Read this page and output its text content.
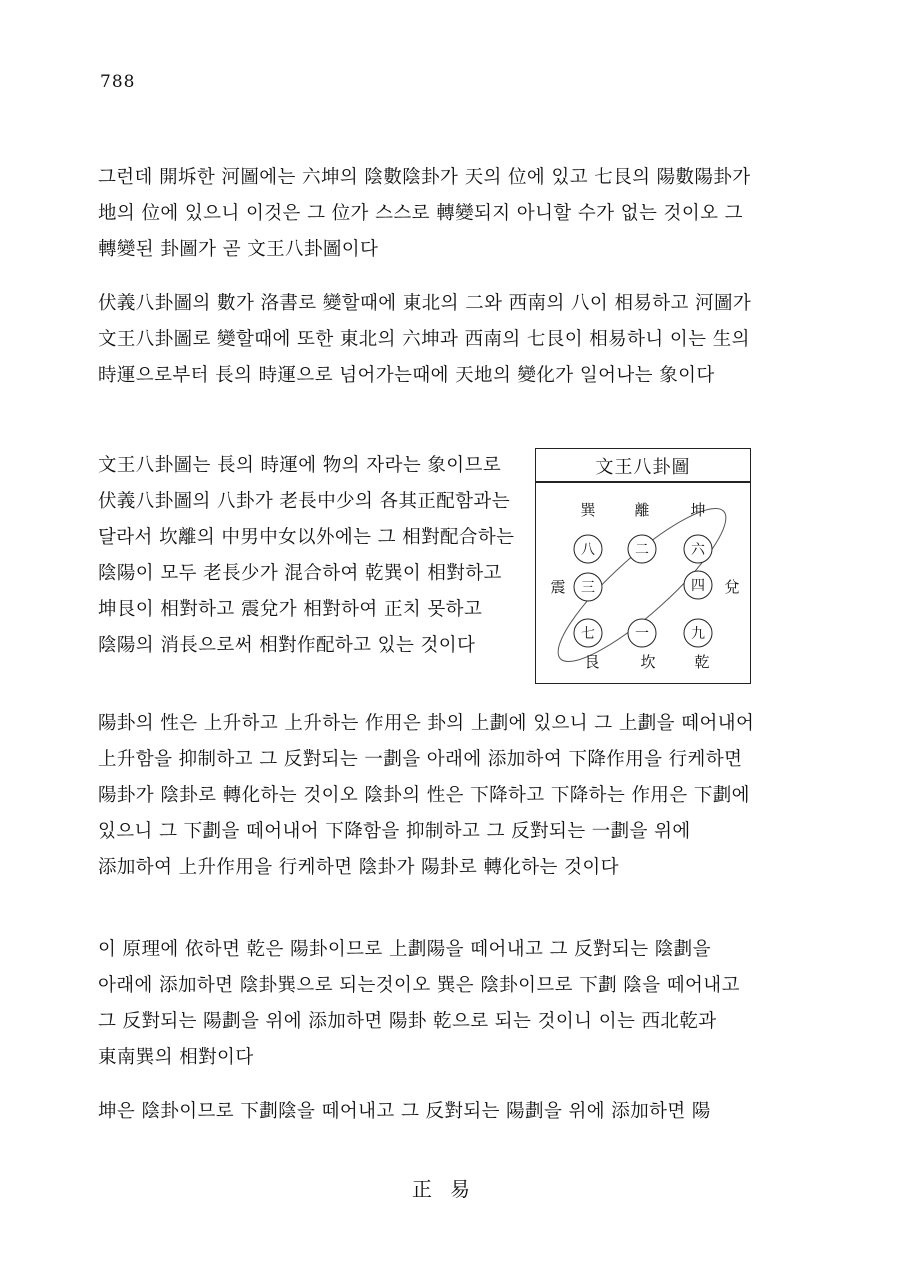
788

그런데 開坼한 河圖에는 六坤의 陰數陰卦가 天의 位에 있고 七艮의 陽數陽卦가 地의 位에 있으니 이것은 그 位가 스스로 轉變되지 아니할 수가 없는 것이오 그 轉變된 卦圖가 곧 文王八卦圖이다

伏義八卦圖의 數가 洛書로 變할때에 東北의 二와 西南의 八이 相易하고 河圖가 文王八卦圖로 變할때에 또한 東北의 六坤과 西南의 七艮이 相易하니 이는 生의 時運으로부터 長의 時運으로 넘어가는때에 天地의 變化가 일어나는 象이다

文王八卦圖는 長의 時運에 物의 자라는 象이므로 伏義八卦圖의 八卦가 老長中少의 各其正配함과는 달라서 坎離의 中男中女以外에는 그 相對配合하는 陰陽이 모두 老長少가 混合하여 乾巽이 相對하고 坤艮이 相對하고 震兌가 相對하여 正치 못하고 陰陽의 消長으로써 相對作配하고 있는 것이다

陽卦의 性은 上升하고 上升하는 作用은 卦의 上劃에 있으니 그 上劃을 떼어내어 上升함을 抑制하고 그 反對되는 一劃을 아래에 添加하여 下降作用을 行케하면 陽卦가 陰卦로 轉化하는 것이오 陰卦의 性은 下降하고 下降하는 作用은 下劃에 있으니 그 下劃을 떼어내어 下降함을 抑制하고 그 反對되는 一劃을 위에 添加하여 上升作用을 行케하면 陰卦가 陽卦로 轉化하는 것이다

이 原理에 依하면 乾은 陽卦이므로 上劃陽을 떼어내고 그 反對되는 陰劃을 아래에 添加하면 陰卦巽으로 되는것이오 巽은 陰卦이므로 下劃 陰을 떼어내고 그 反對되는 陽劃을 위에 添加하면 陽卦 乾으로 되는 것이니 이는 西北乾과 東南巽의 相對이다

坤은 陰卦이므로 下劃陰을 떼어내고 그 反對되는 陽劃을 위에 添加하면 陽

文王八卦圖
巽	離	坤
八	二	六
震 三	四 兌
七	一	九
艮	坎	乾
正易
